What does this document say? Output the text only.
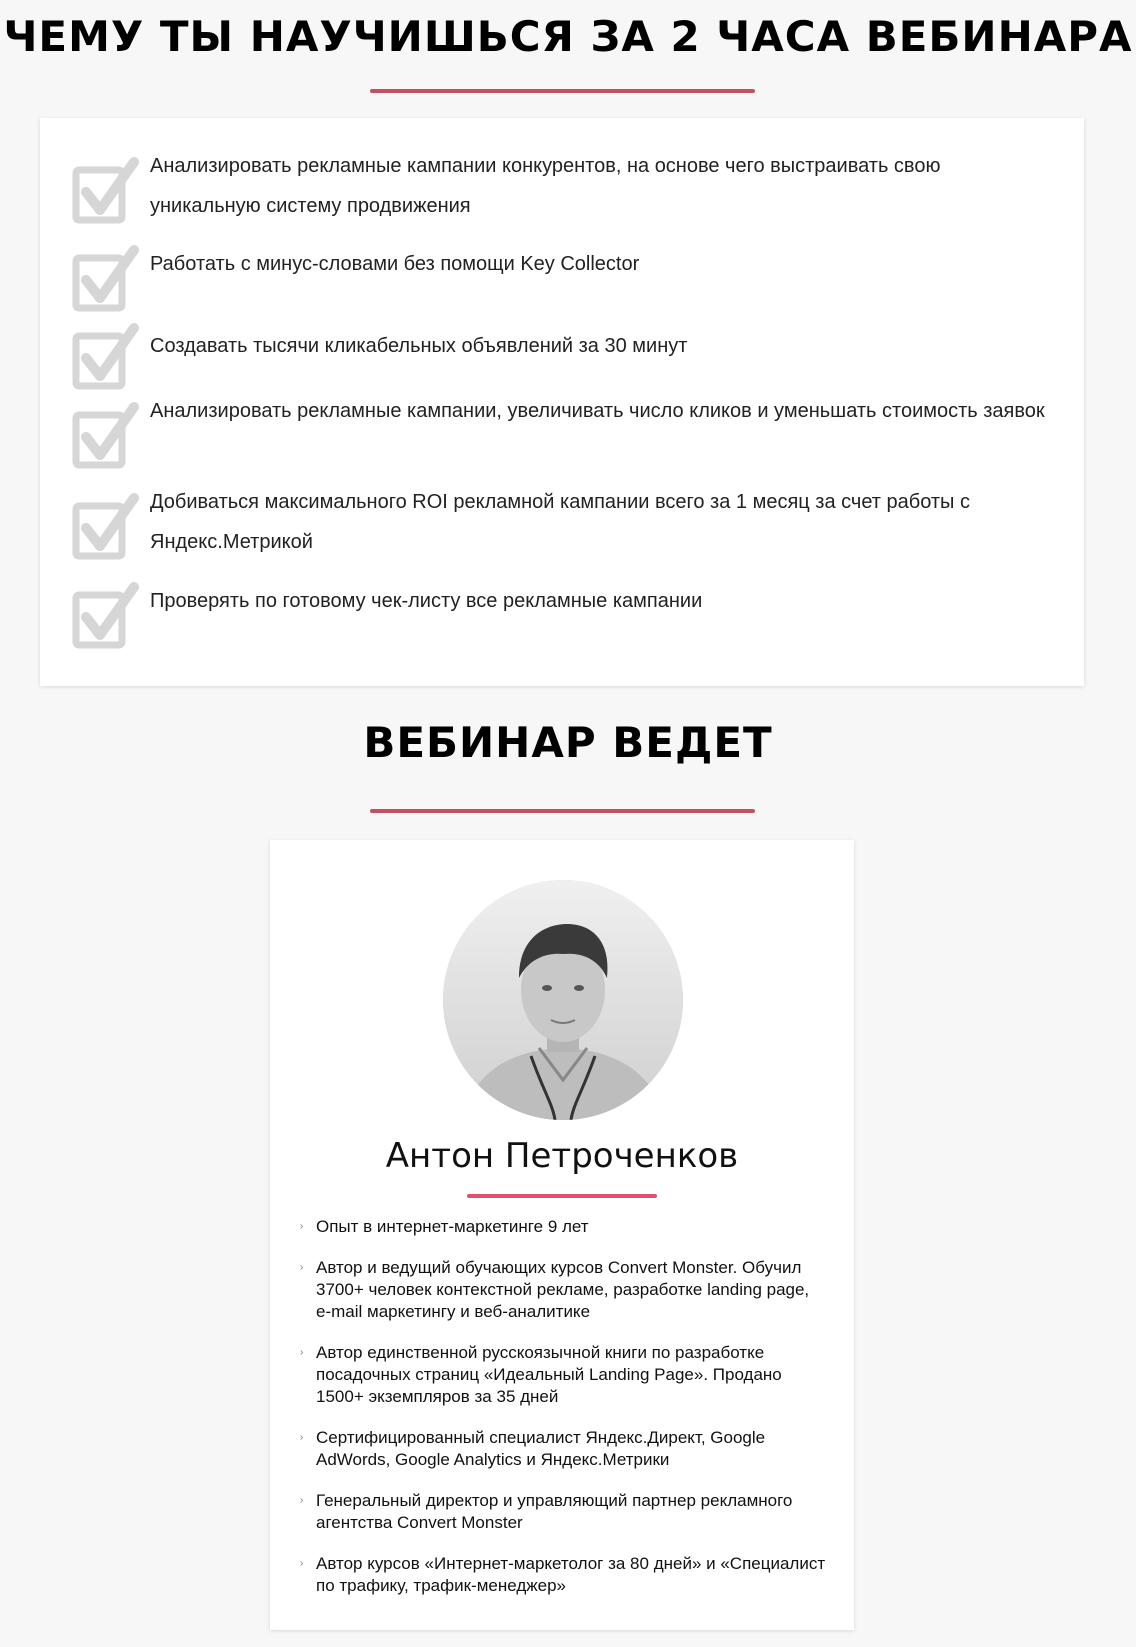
ЧЕМУ ТЫ НАУЧИШЬСЯ ЗА 2 ЧАСА ВЕБИНАРА
Анализировать рекламные кампании конкурентов, на основе чего выстраивать свою уникальную систему продвижения
Работать с минус-словами без помощи Key Collector
Создавать тысячи кликабельных объявлений за 30 минут
Анализировать рекламные кампании, увеличивать число кликов и уменьшать стоимость заявок
Добиваться максимального ROI рекламной кампании всего за 1 месяц за счет работы с Яндекс.Метрикой
Проверять по готовому чек-листу все рекламные кампании
ВЕБИНАР ВЕДЕТ
Антон Петроченков
› Опыт в интернет-маркетинге 9 лет
› Автор и ведущий обучающих курсов Convert Monster. Обучил 3700+ человек контекстной рекламе, разработке landing page, e-mail маркетингу и веб-аналитике
› Автор единственной русскоязычной книги по разработке посадочных страниц «Идеальный Landing Page». Продано 1500+ экземпляров за 35 дней
› Сертифицированный специалист Яндекс.Директ, Google AdWords, Google Analytics и Яндекс.Метрики
› Генеральный директор и управляющий партнер рекламного агентства Convert Monster
› Автор курсов «Интернет-маркетолог за 80 дней» и «Специалист по трафику, трафик-менеджер»
